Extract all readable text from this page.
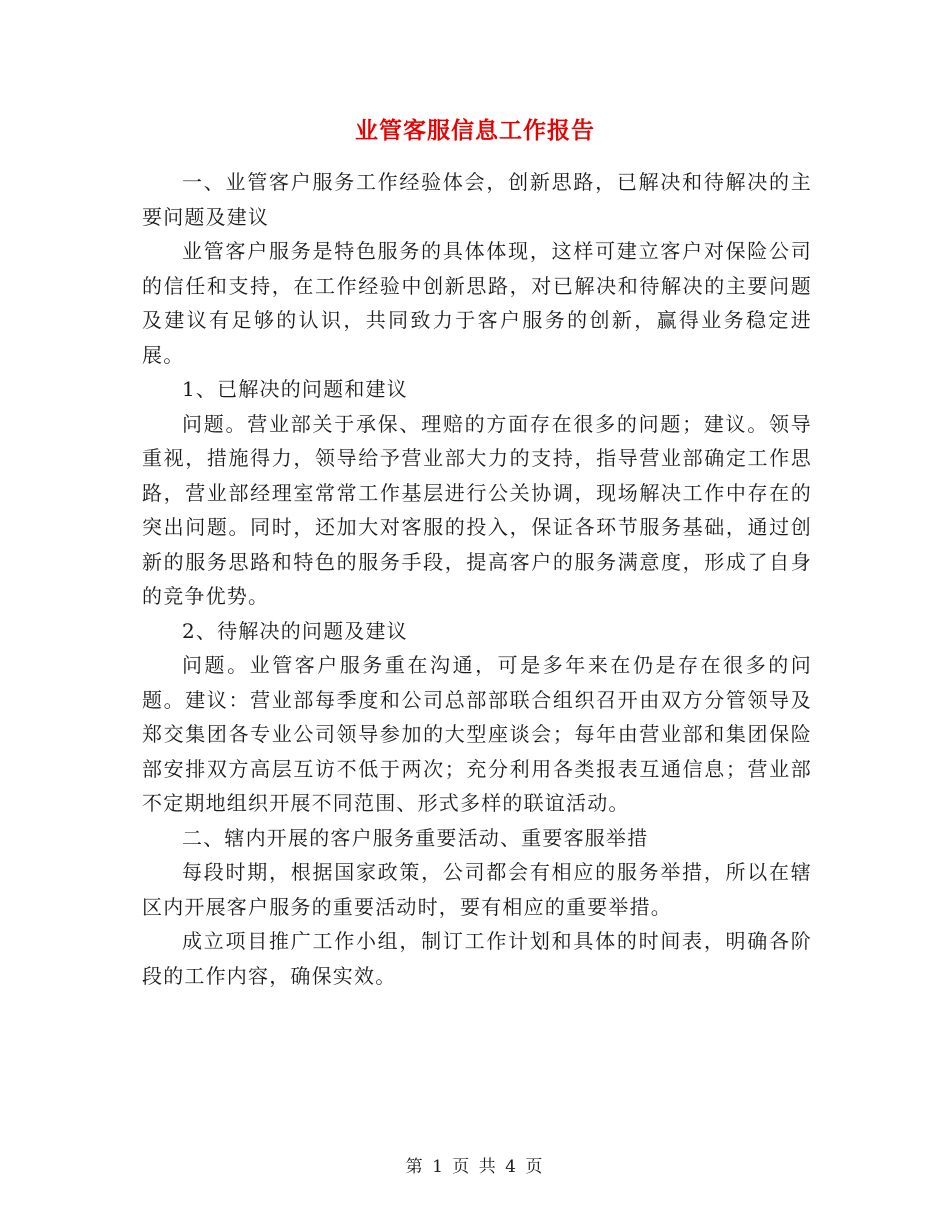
业管客服信息工作报告

一、业管客户服务工作经验体会，创新思路，已解决和待解决的主要问题及建议

业管客户服务是特色服务的具体体现，这样可建立客户对保险公司的信任和支持，在工作经验中创新思路，对已解决和待解决的主要问题及建议有足够的认识，共同致力于客户服务的创新，赢得业务稳定进展。

1、已解决的问题和建议

问题。营业部关于承保、理赔的方面存在很多的问题；建议。领导重视，措施得力，领导给予营业部大力的支持，指导营业部确定工作思路，营业部经理室常常工作基层进行公关协调，现场解决工作中存在的突出问题。同时，还加大对客服的投入，保证各环节服务基础，通过创新的服务思路和特色的服务手段，提高客户的服务满意度，形成了自身的竞争优势。

2、待解决的问题及建议

问题。业管客户服务重在沟通，可是多年来在仍是存在很多的问题。建议：营业部每季度和公司总部部联合组织召开由双方分管领导及郑交集团各专业公司领导参加的大型座谈会；每年由营业部和集团保险部安排双方高层互访不低于两次；充分利用各类报表互通信息；营业部不定期地组织开展不同范围、形式多样的联谊活动。

二、辖内开展的客户服务重要活动、重要客服举措

每段时期，根据国家政策，公司都会有相应的服务举措，所以在辖区内开展客户服务的重要活动时，要有相应的重要举措。

成立项目推广工作小组，制订工作计划和具体的时间表，明确各阶段的工作内容，确保实效。

第 1 页 共 4 页
